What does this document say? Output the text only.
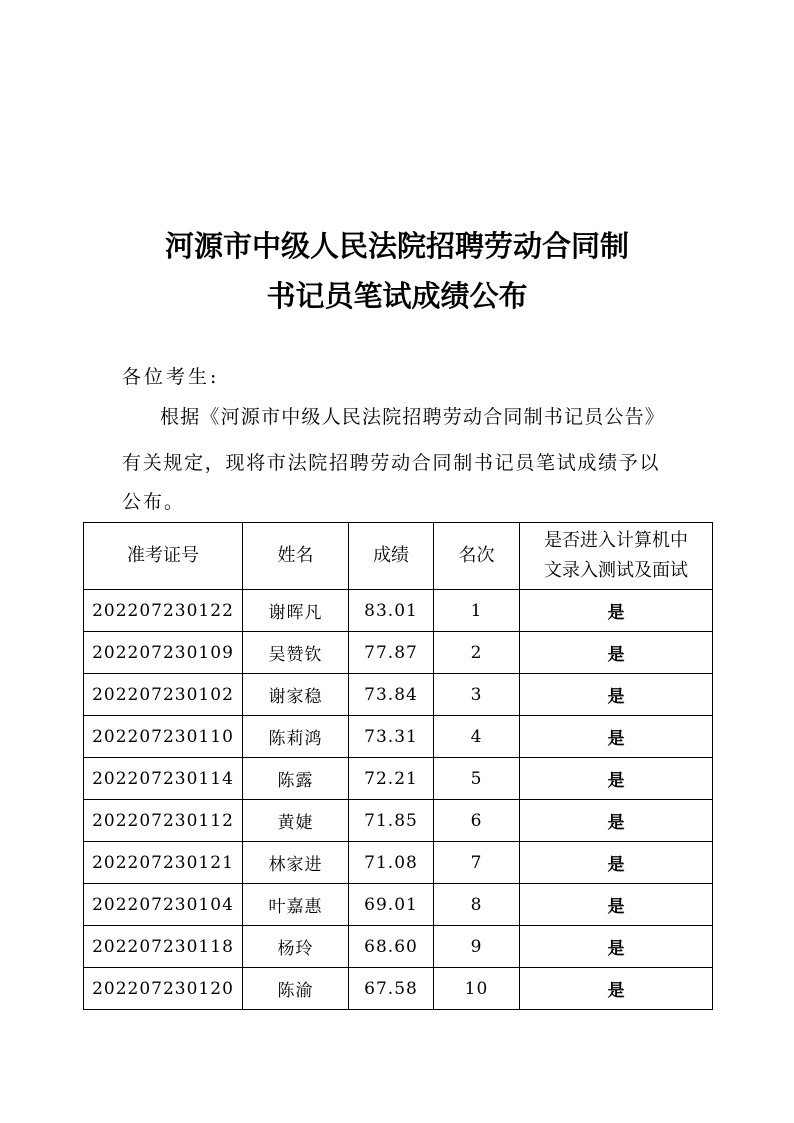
河源市中级人民法院招聘劳动合同制
书记员笔试成绩公布
各位考生:
根据《河源市中级人民法院招聘劳动合同制书记员公告》
有关规定，现将市法院招聘劳动合同制书记员笔试成绩予以
公布。
准考证号	姓名	成绩	名次	是否进入计算机中
文录入测试及面试

202207230122	谢晖凡	83.01	1	是
202207230109	吴赞钦	77.87	2	是
202207230102	谢家稳	73.84	3	是
202207230110	陈莉鸿	73.31	4	是
202207230114	陈露	72.21	5	是
202207230112	黄婕	71.85	6	是
202207230121	林家进	71.08	7	是
202207230104	叶嘉惠	69.01	8	是
202207230118	杨玲	68.60	9	是
202207230120	陈渝	67.58	10	是
